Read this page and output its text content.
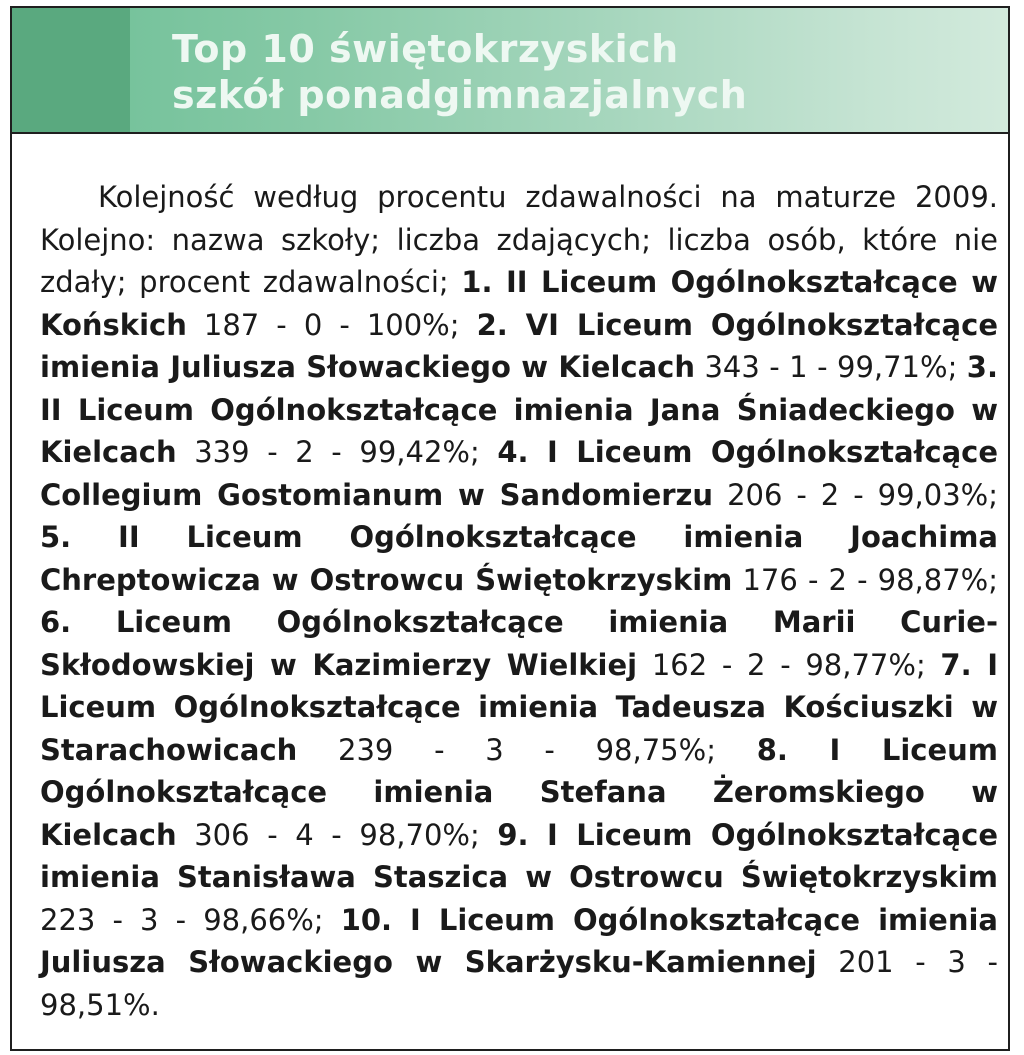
Top 10 świętokrzyskich
szkół ponadgimnazjalnych

Kolejność według procentu zdawalności na maturze 2009. Kolejno: nazwa szkoły; liczba zdających; liczba osób, które nie zdały; procent zdawalności; 1. II Liceum Ogólnokształcące w Końskich 187 - 0 - 100%; 2. VI Liceum Ogólnokształcące imienia Juliusza Słowackiego w Kielcach 343 - 1 - 99,71%; 3. II Liceum Ogólnokształcące imienia Jana Śniadeckiego w Kielcach 339 - 2 - 99,42%; 4. I Liceum Ogólnokształcące Collegium Gostomianum w Sandomierzu 206 - 2 - 99,03%; 5. II Liceum Ogólnokształcące imienia Joachima Chreptowicza w Ostrowcu Świętokrzyskim 176 - 2 - 98,87%; 6. Liceum Ogólnokształcące imienia Marii Curie-Skłodowskiej w Kazimierzy Wielkiej 162 - 2 - 98,77%; 7. I Liceum Ogólnokształcące imienia Tadeusza Kościuszki w Starachowicach 239 - 3 - 98,75%; 8. I Liceum Ogólnokształcące imienia Stefana Żeromskiego w Kielcach 306 - 4 - 98,70%; 9. I Liceum Ogólnokształcące imienia Stanisława Staszica w Ostrowcu Świętokrzyskim 223 - 3 - 98,66%; 10. I Liceum Ogólnokształcące imienia Juliusza Słowackiego w Skarżysku-Kamiennej 201 - 3 - 98,51%.
